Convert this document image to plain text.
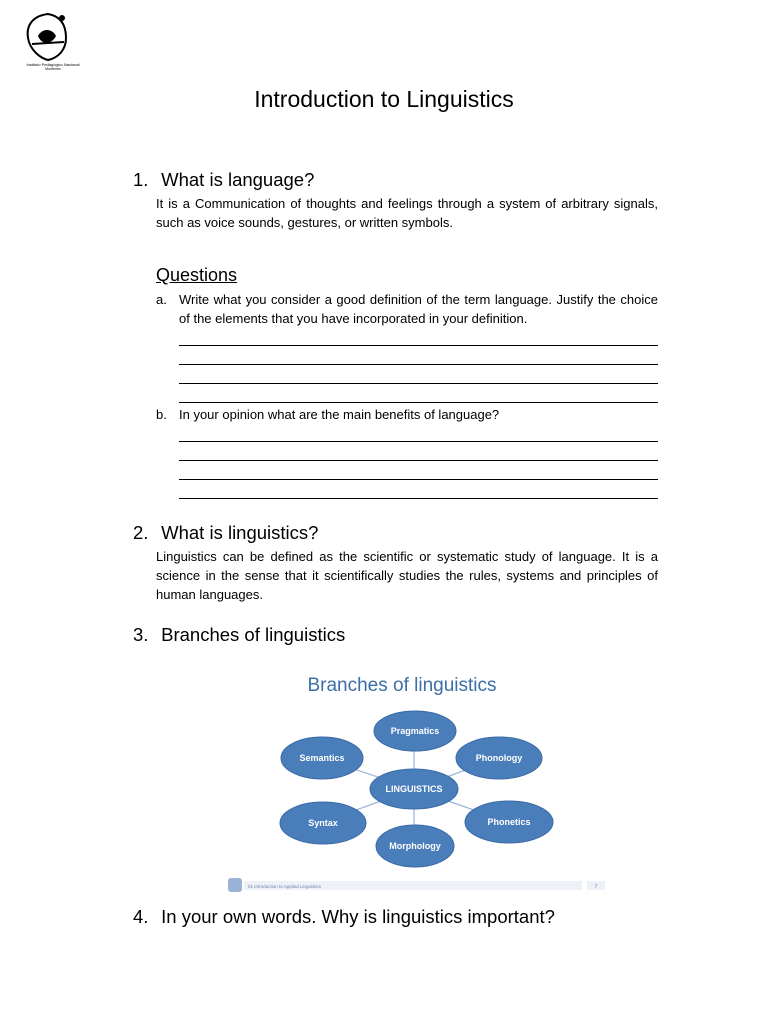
Instituto Pedagógico Nacional
Monterrey
Introduction to Linguistics
1. What is language?
It is a Communication of thoughts and feelings through a system of arbitrary signals, such as voice sounds, gestures, or written symbols.
Questions
a. Write what you consider a good definition of the term language. Justify the choice of the elements that you have incorporated in your definition.
b. In your opinion what are the main benefits of language?
2. What is linguistics?
Linguistics can be defined as the scientific or systematic study of language. It is a science in the sense that it scientifically studies the rules, systems and principles of human languages.
3. Branches of linguistics
Branches of linguistics
LINGUISTICS
Pragmatics
Phonology
Phonetics
Morphology
Syntax
Semantics
01 Introduction to Applied Linguistics	7
4. In your own words. Why is linguistics important?
